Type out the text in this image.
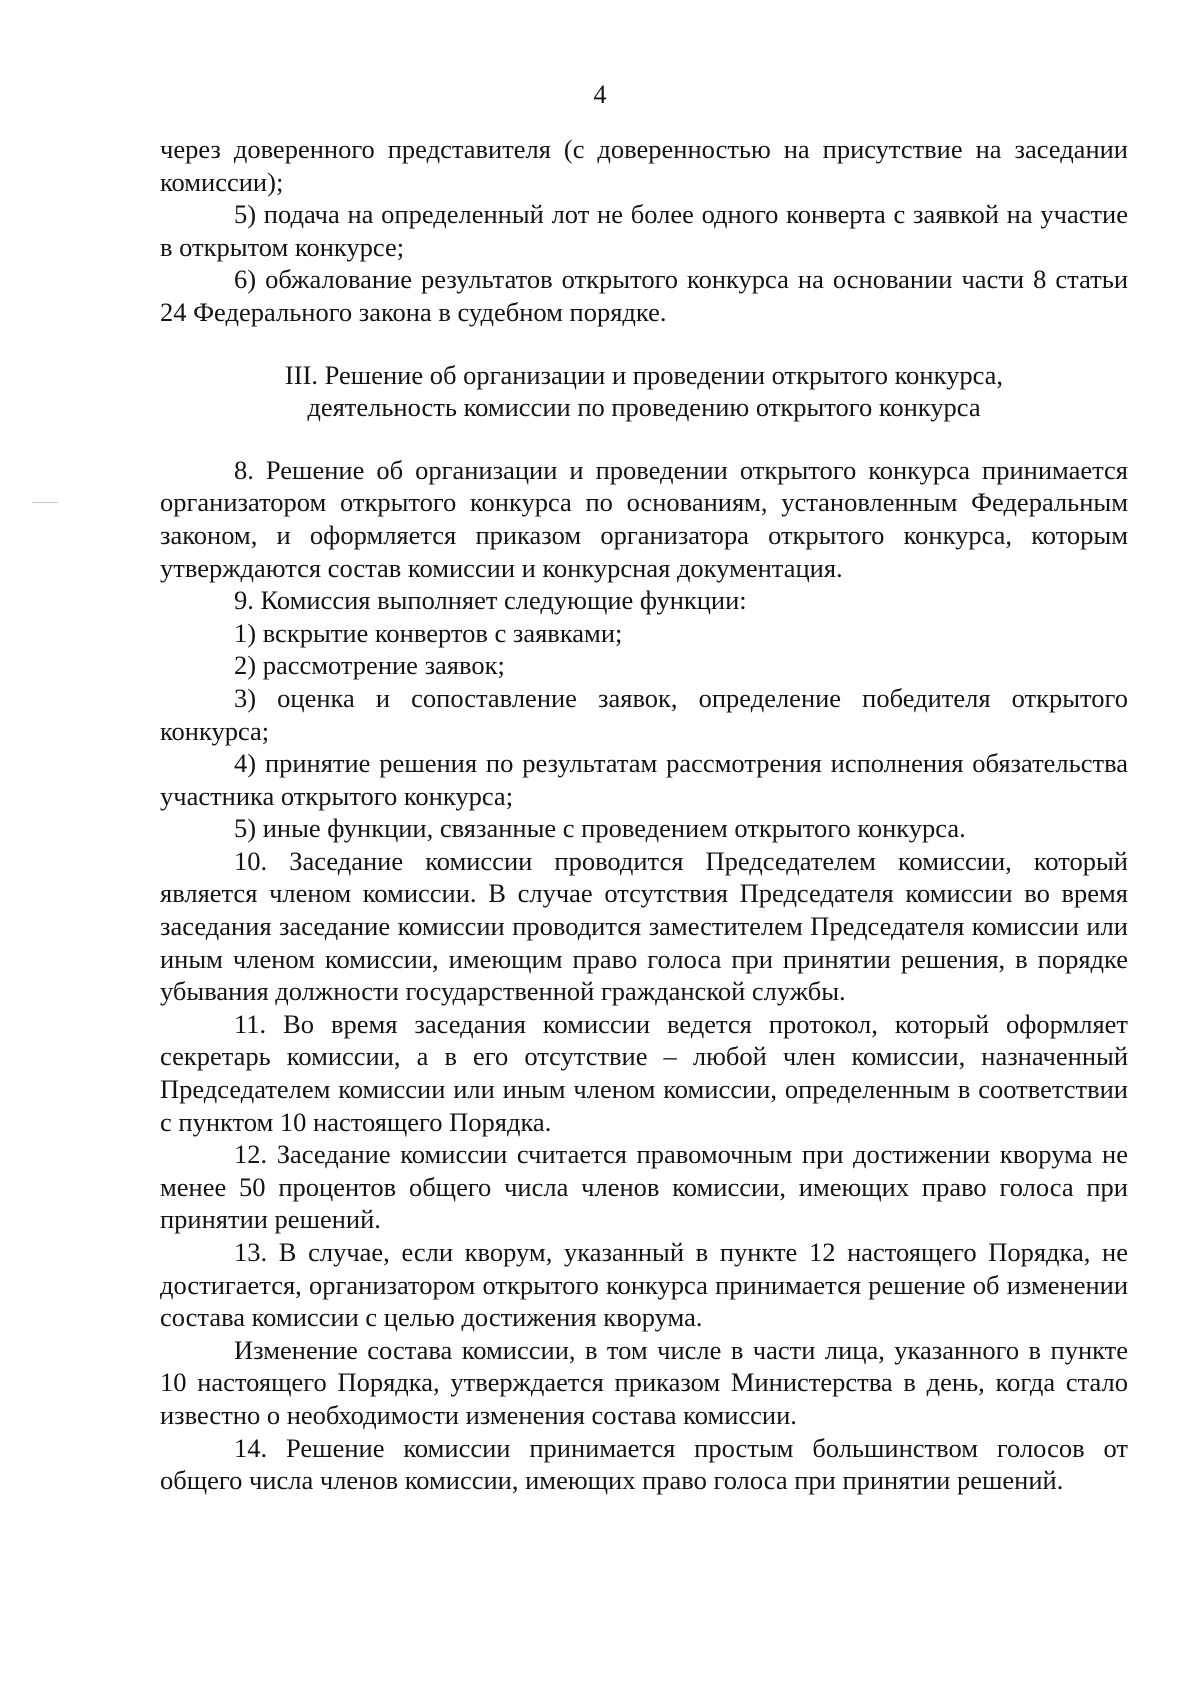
4

через доверенного представителя (с доверенностью на присутствие на заседании комиссии);

5) подача на определенный лот не более одного конверта с заявкой на участие в открытом конкурсе;

6) обжалование результатов открытого конкурса на основании части 8 статьи 24 Федерального закона в судебном порядке.

III. Решение об организации и проведении открытого конкурса,
деятельность комиссии по проведению открытого конкурса

8. Решение об организации и проведении открытого конкурса принимается организатором открытого конкурса по основаниям, установленным Федеральным законом, и оформляется приказом организатора открытого конкурса, которым утверждаются состав комиссии и конкурсная документация.

9. Комиссия выполняет следующие функции:

1) вскрытие конвертов с заявками;

2) рассмотрение заявок;

3) оценка и сопоставление заявок, определение победителя открытого конкурса;

4) принятие решения по результатам рассмотрения исполнения обязательства участника открытого конкурса;

5) иные функции, связанные с проведением открытого конкурса.

10. Заседание комиссии проводится Председателем комиссии, который является членом комиссии. В случае отсутствия Председателя комиссии во время заседания заседание комиссии проводится заместителем Председателя комиссии или иным членом комиссии, имеющим право голоса при принятии решения, в порядке убывания должности государственной гражданской службы.

11. Во время заседания комиссии ведется протокол, который оформляет секретарь комиссии, а в его отсутствие – любой член комиссии, назначенный Председателем комиссии или иным членом комиссии, определенным в соответствии с пунктом 10 настоящего Порядка.

12. Заседание комиссии считается правомочным при достижении кворума не менее 50 процентов общего числа членов комиссии, имеющих право голоса при принятии решений.

13. В случае, если кворум, указанный в пункте 12 настоящего Порядка, не достигается, организатором открытого конкурса принимается решение об изменении состава комиссии с целью достижения кворума.

Изменение состава комиссии, в том числе в части лица, указанного в пункте 10 настоящего Порядка, утверждается приказом Министерства в день, когда стало известно о необходимости изменения состава комиссии.

14. Решение комиссии принимается простым большинством голосов от общего числа членов комиссии, имеющих право голоса при принятии решений.
